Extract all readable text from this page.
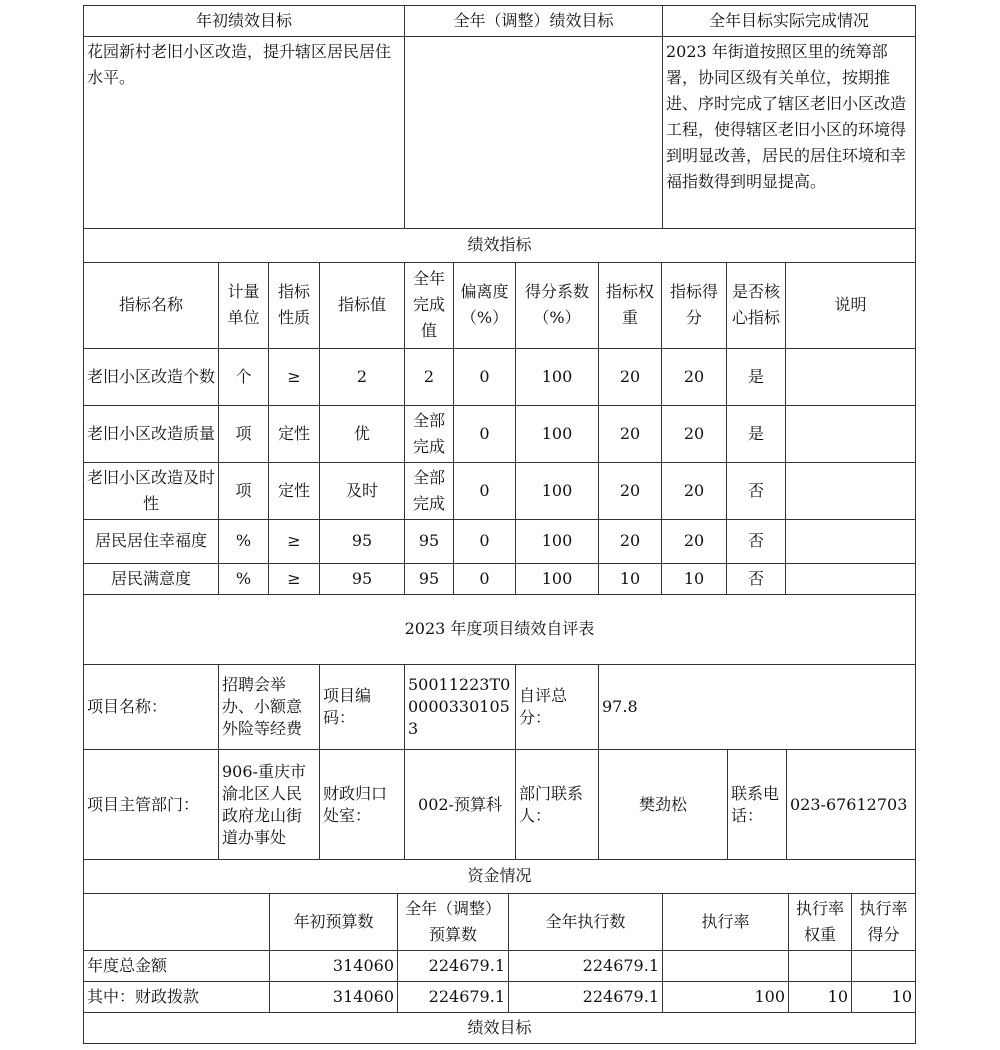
年初绩效目标	全年（调整）绩效目标	全年目标实际完成情况
花园新村老旧小区改造，提升辖区居民居住水平。		2023 年街道按照区里的统筹部署，协同区级有关单位，按期推进、序时完成了辖区老旧小区改造工程，使得辖区老旧小区的环境得到明显改善，居民的居住环境和幸福指数得到明显提高。
绩效指标										
指标名称	计量单位	指标性质	指标值	全年完成值	偏离度（%）	得分系数（%）	指标权重	指标得分	是否核心指标	说明
老旧小区改造个数	个	≥	2	2	0	100	20	20	是	
老旧小区改造质量	项	定性	优	全部完成	0	100	20	20	是	
老旧小区改造及时性	项	定性	及时	全部完成	0	100	20	20	否	
居民居住幸福度	%	≥	95	95	0	100	20	20	否	
居民满意度	%	≥	95	95	0	100	10	10	否	
2023 年度项目绩效自评表							
项目名称：	招聘会举办、小额意外险等经费	项目编码：	50011223T000003301053	自评总分：	97.8		
项目主管部门：	906-重庆市渝北区人民政府龙山街道办事处	财政归口处室：	002-预算科	部门联系人：	樊劲松	联系电话：	023-67612703
资金情况						
	年初预算数	全年（调整）预算数	全年执行数	执行率	执行率权重	执行率得分
年度总金额	314060	224679.1	224679.1			
其中：财政拨款	314060	224679.1	224679.1	100	10	10
绩效目标						
